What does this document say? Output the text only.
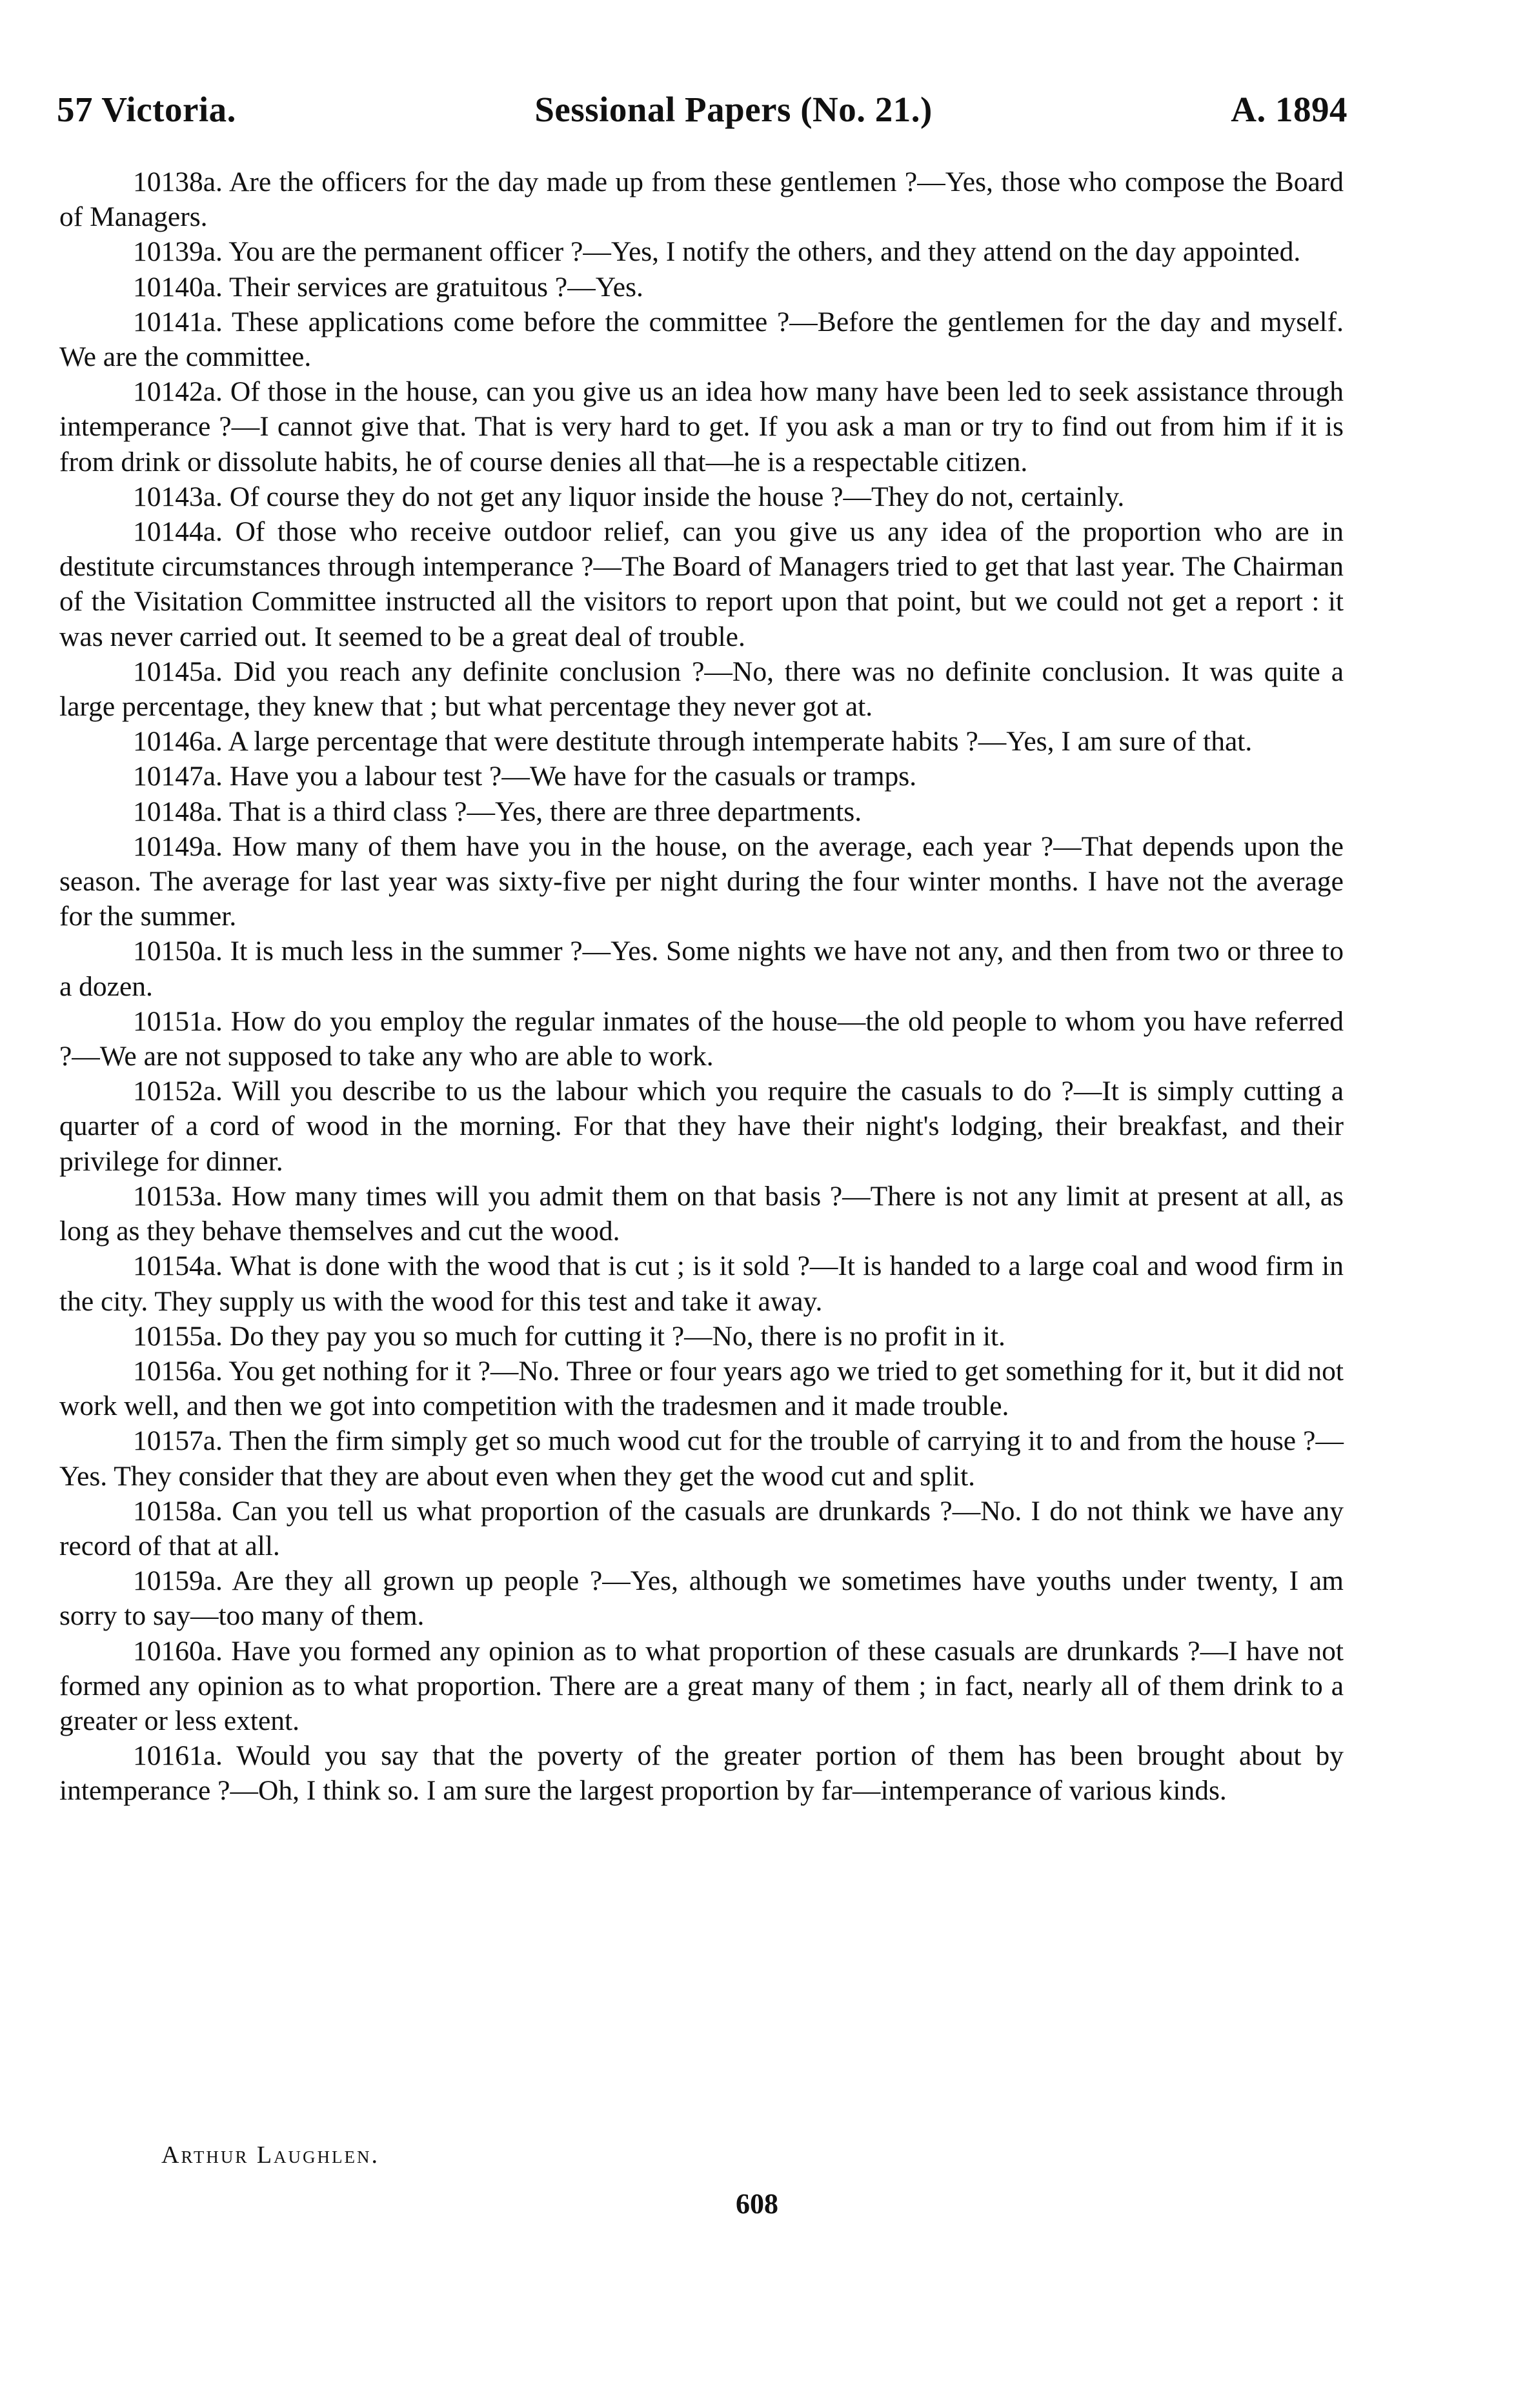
57 Victoria.	Sessional Papers (No. 21.)	A. 1894

10138a. Are the officers for the day made up from these gentlemen ?—Yes, those who compose the Board of Managers.

10139a. You are the permanent officer ?—Yes, I notify the others, and they attend on the day appointed.

10140a. Their services are gratuitous ?—Yes.

10141a. These applications come before the committee ?—Before the gentlemen for the day and myself. We are the committee.

10142a. Of those in the house, can you give us an idea how many have been led to seek assistance through intemperance ?—I cannot give that. That is very hard to get. If you ask a man or try to find out from him if it is from drink or dissolute habits, he of course denies all that—he is a respectable citizen.

10143a. Of course they do not get any liquor inside the house ?—They do not, certainly.

10144a. Of those who receive outdoor relief, can you give us any idea of the proportion who are in destitute circumstances through intemperance ?—The Board of Managers tried to get that last year. The Chairman of the Visitation Committee instructed all the visitors to report upon that point, but we could not get a report : it was never carried out. It seemed to be a great deal of trouble.

10145a. Did you reach any definite conclusion ?—No, there was no definite conclusion. It was quite a large percentage, they knew that ; but what percentage they never got at.

10146a. A large percentage that were destitute through intemperate habits ?—Yes, I am sure of that.

10147a. Have you a labour test ?—We have for the casuals or tramps.

10148a. That is a third class ?—Yes, there are three departments.

10149a. How many of them have you in the house, on the average, each year ?—That depends upon the season. The average for last year was sixty-five per night during the four winter months. I have not the average for the summer.

10150a. It is much less in the summer ?—Yes. Some nights we have not any, and then from two or three to a dozen.

10151a. How do you employ the regular inmates of the house—the old people to whom you have referred ?—We are not supposed to take any who are able to work.

10152a. Will you describe to us the labour which you require the casuals to do ?—It is simply cutting a quarter of a cord of wood in the morning. For that they have their night's lodging, their breakfast, and their privilege for dinner.

10153a. How many times will you admit them on that basis ?—There is not any limit at present at all, as long as they behave themselves and cut the wood.

10154a. What is done with the wood that is cut ; is it sold ?—It is handed to a large coal and wood firm in the city. They supply us with the wood for this test and take it away.

10155a. Do they pay you so much for cutting it ?—No, there is no profit in it.

10156a. You get nothing for it ?—No. Three or four years ago we tried to get something for it, but it did not work well, and then we got into competition with the tradesmen and it made trouble.

10157a. Then the firm simply get so much wood cut for the trouble of carrying it to and from the house ?—Yes. They consider that they are about even when they get the wood cut and split.

10158a. Can you tell us what proportion of the casuals are drunkards ?—No. I do not think we have any record of that at all.

10159a. Are they all grown up people ?—Yes, although we sometimes have youths under twenty, I am sorry to say—too many of them.

10160a. Have you formed any opinion as to what proportion of these casuals are drunkards ?—I have not formed any opinion as to what proportion. There are a great many of them ; in fact, nearly all of them drink to a greater or less extent.

10161a. Would you say that the poverty of the greater portion of them has been brought about by intemperance ?—Oh, I think so. I am sure the largest proportion by far—intemperance of various kinds.

Arthur Laughlen.
608
